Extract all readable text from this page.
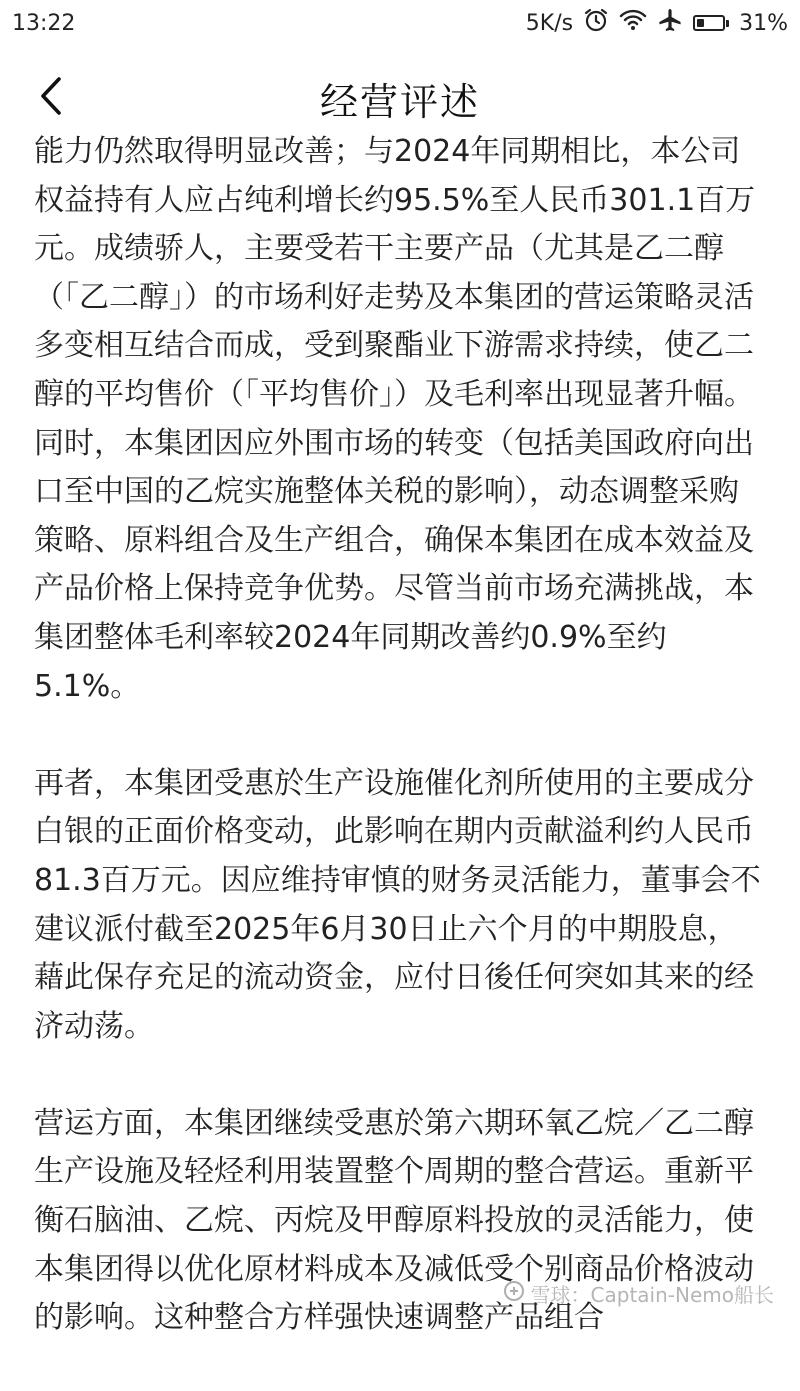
13:22	5K/s	31%
经营评述

能力仍然取得明显改善；与2024年同期相比，本公司权益持有人应占纯利增长约95.5%至人民币301.1百万元。成绩骄人，主要受若干主要产品（尤其是乙二醇（「乙二醇」）的市场利好走势及本集团的营运策略灵活多变相互结合而成，受到聚酯业下游需求持续，使乙二醇的平均售价（「平均售价」）及毛利率出现显著升幅。同时，本集团因应外围市场的转变（包括美国政府向出口至中国的乙烷实施整体关税的影响），动态调整采购策略、原料组合及生产组合，确保本集团在成本效益及产品价格上保持竞争优势。尽管当前市场充满挑战，本集团整体毛利率较2024年同期改善约0.9%至约5.1%。

再者，本集团受惠於生产设施催化剂所使用的主要成分白银的正面价格变动，此影响在期内贡献溢利约人民币81.3百万元。因应维持审慎的财务灵活能力，董事会不建议派付截至2025年6月30日止六个月的中期股息，藉此保存充足的流动资金，应付日後任何突如其来的经济动荡。

营运方面，本集团继续受惠於第六期环氧乙烷／乙二醇生产设施及轻烃利用装置整个周期的整合营运。重新平衡石脑油、乙烷、丙烷及甲醇原料投放的灵活能力，使本集团得以优化原材料成本及减低受个别商品价格波动的影响。这种整合方样强快速调整产品组合

雪球：Captain-Nemo船长
